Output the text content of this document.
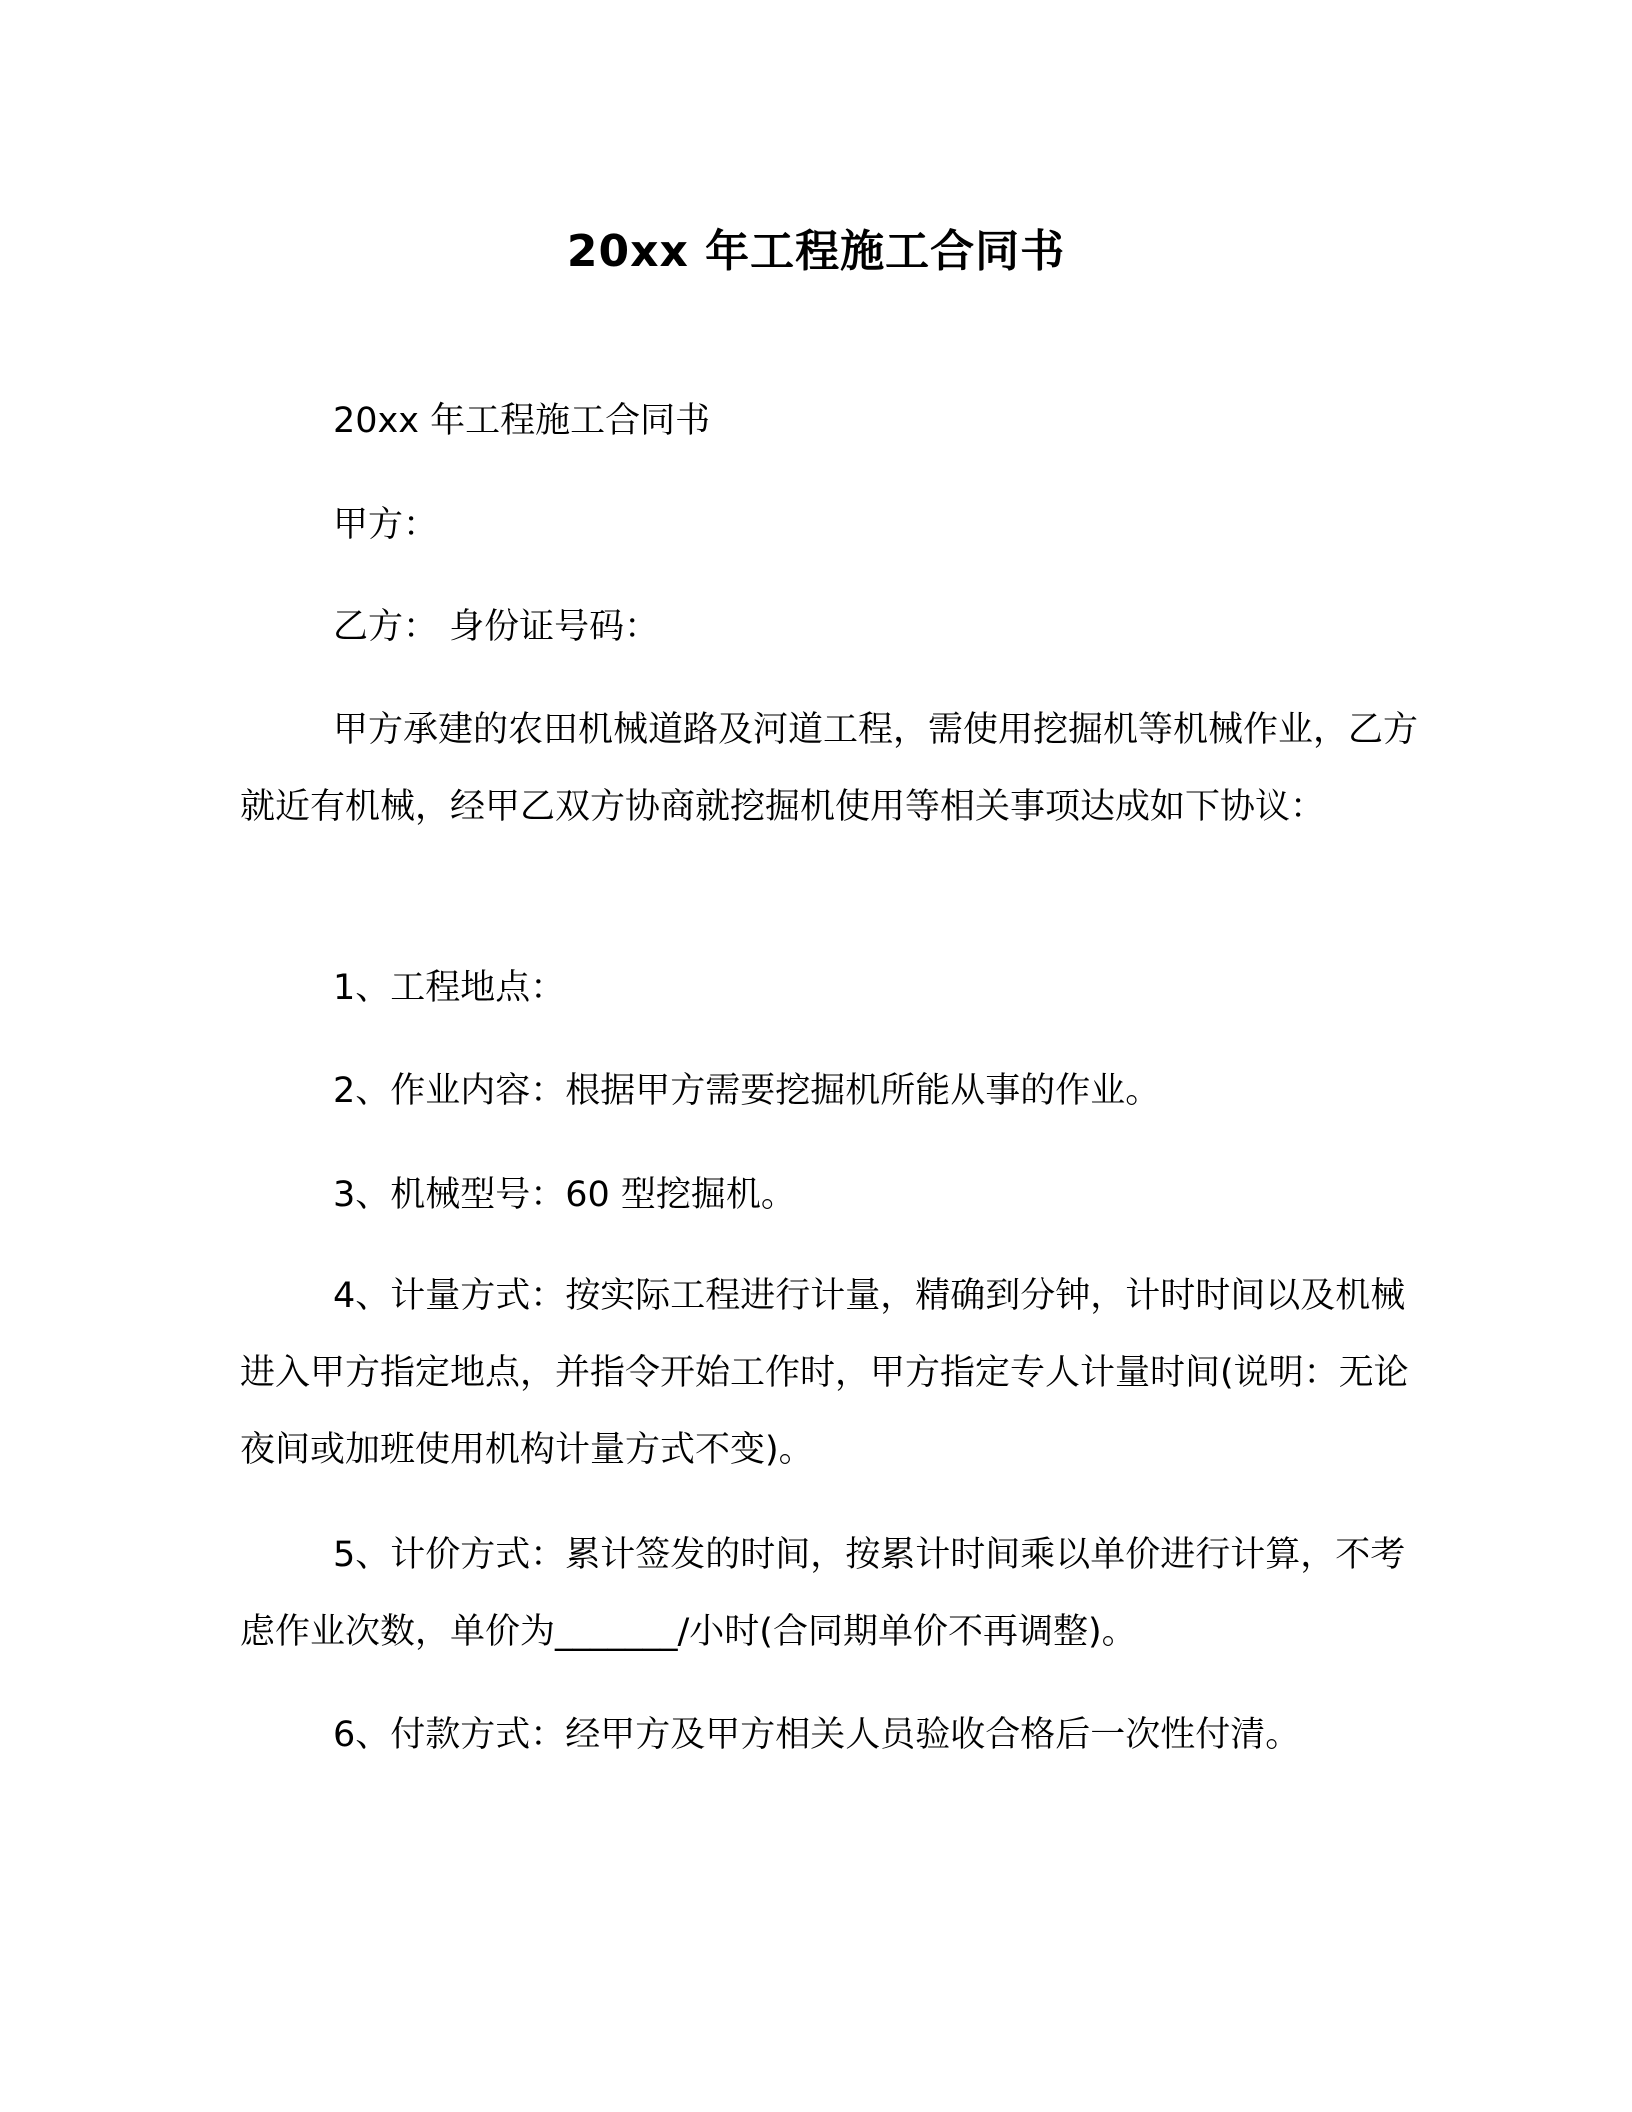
20xx 年工程施工合同书

20xx 年工程施工合同书

甲方：

乙方： 身份证号码：

甲方承建的农田机械道路及河道工程，需使用挖掘机等机械作业，乙方就近有机械，经甲乙双方协商就挖掘机使用等相关事项达成如下协议：

1、工程地点：

2、作业内容：根据甲方需要挖掘机所能从事的作业。

3、机械型号：60 型挖掘机。

4、计量方式：按实际工程进行计量，精确到分钟，计时时间以及机械进入甲方指定地点，并指令开始工作时，甲方指定专人计量时间(说明：无论夜间或加班使用机构计量方式不变)。

5、计价方式：累计签发的时间，按累计时间乘以单价进行计算，不考虑作业次数，单价为_______/小时(合同期单价不再调整)。

6、付款方式：经甲方及甲方相关人员验收合格后一次性付清。
